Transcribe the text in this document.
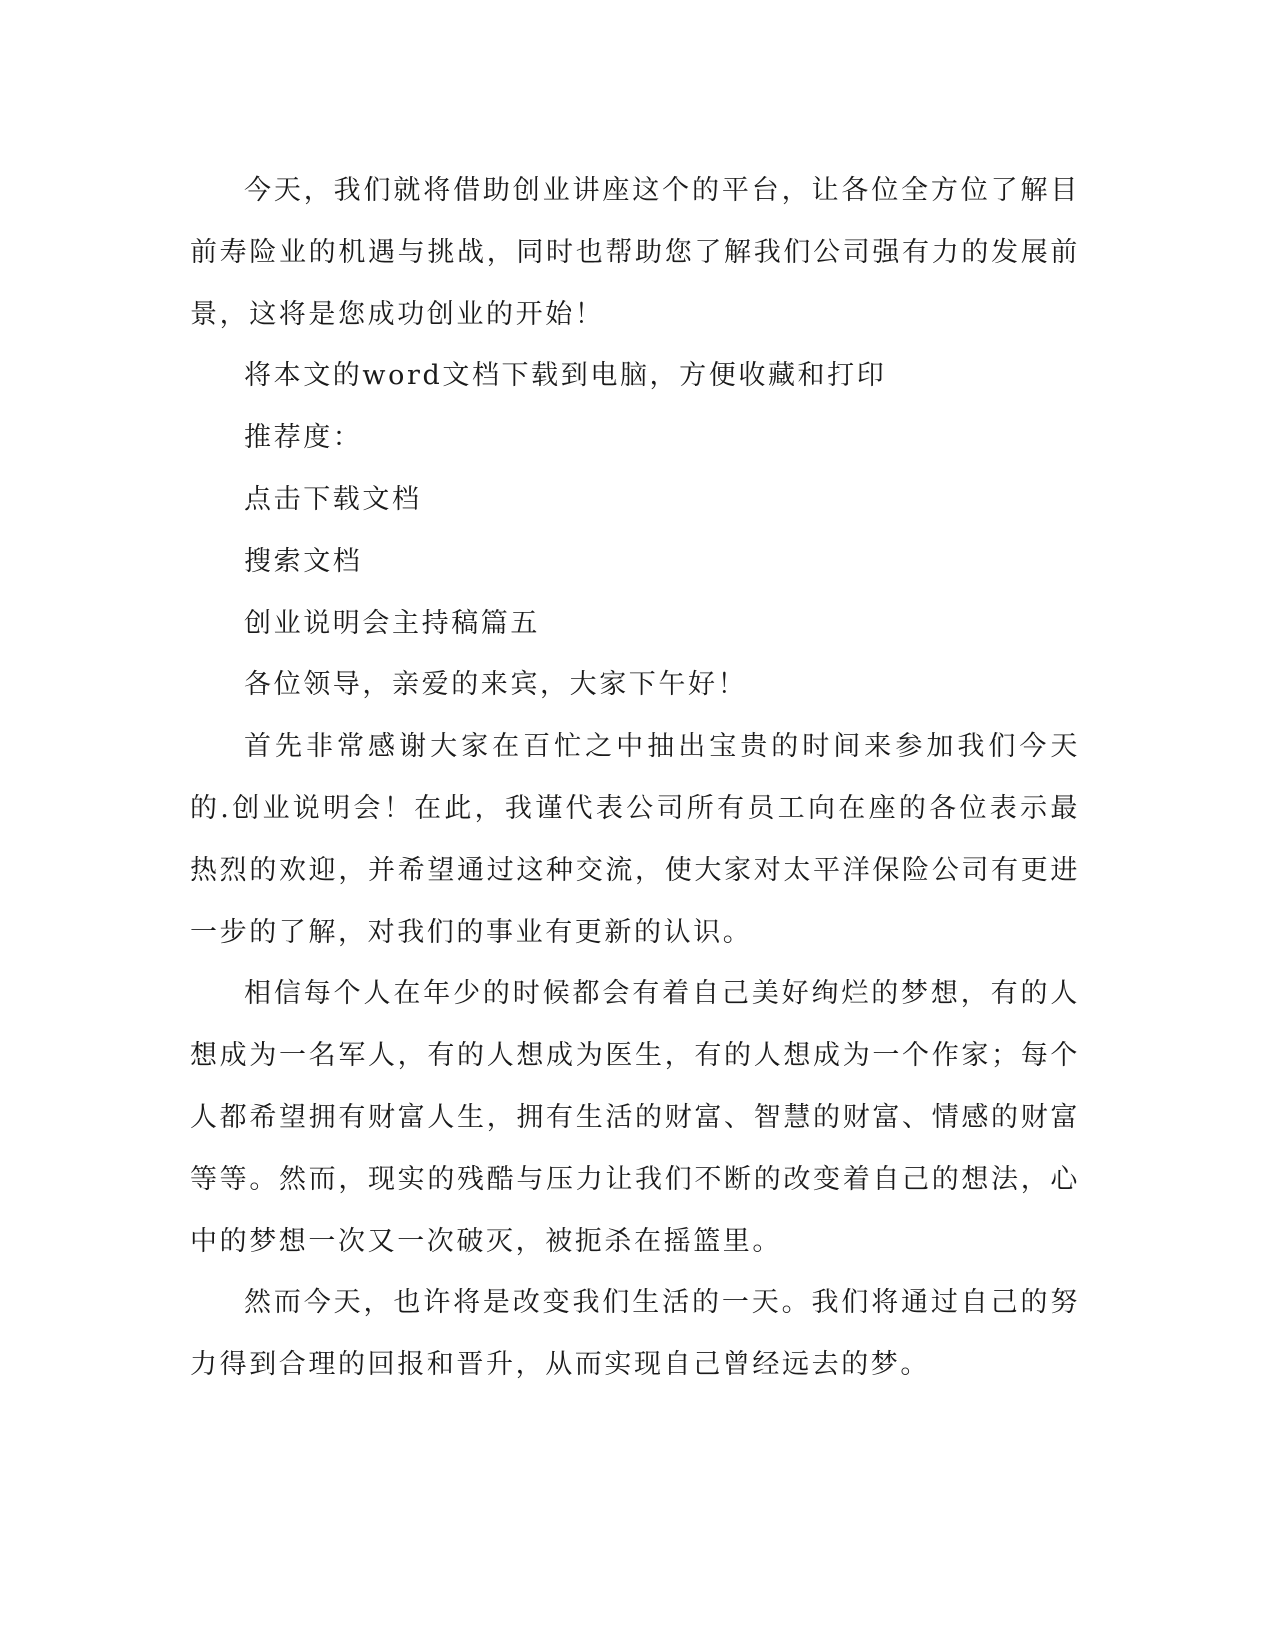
今天，我们就将借助创业讲座这个的平台，让各位全方位了解目前寿险业的机遇与挑战，同时也帮助您了解我们公司强有力的发展前景，这将是您成功创业的开始！

将本文的word文档下载到电脑，方便收藏和打印

推荐度：

点击下载文档

搜索文档

创业说明会主持稿篇五

各位领导，亲爱的来宾，大家下午好！

首先非常感谢大家在百忙之中抽出宝贵的时间来参加我们今天的.创业说明会！在此，我谨代表公司所有员工向在座的各位表示最热烈的欢迎，并希望通过这种交流，使大家对太平洋保险公司有更进一步的了解，对我们的事业有更新的认识。

相信每个人在年少的时候都会有着自己美好绚烂的梦想，有的人想成为一名军人，有的人想成为医生，有的人想成为一个作家；每个人都希望拥有财富人生，拥有生活的财富、智慧的财富、情感的财富等等。然而，现实的残酷与压力让我们不断的改变着自己的想法，心中的梦想一次又一次破灭，被扼杀在摇篮里。

然而今天，也许将是改变我们生活的一天。我们将通过自己的努力得到合理的回报和晋升，从而实现自己曾经远去的梦。
